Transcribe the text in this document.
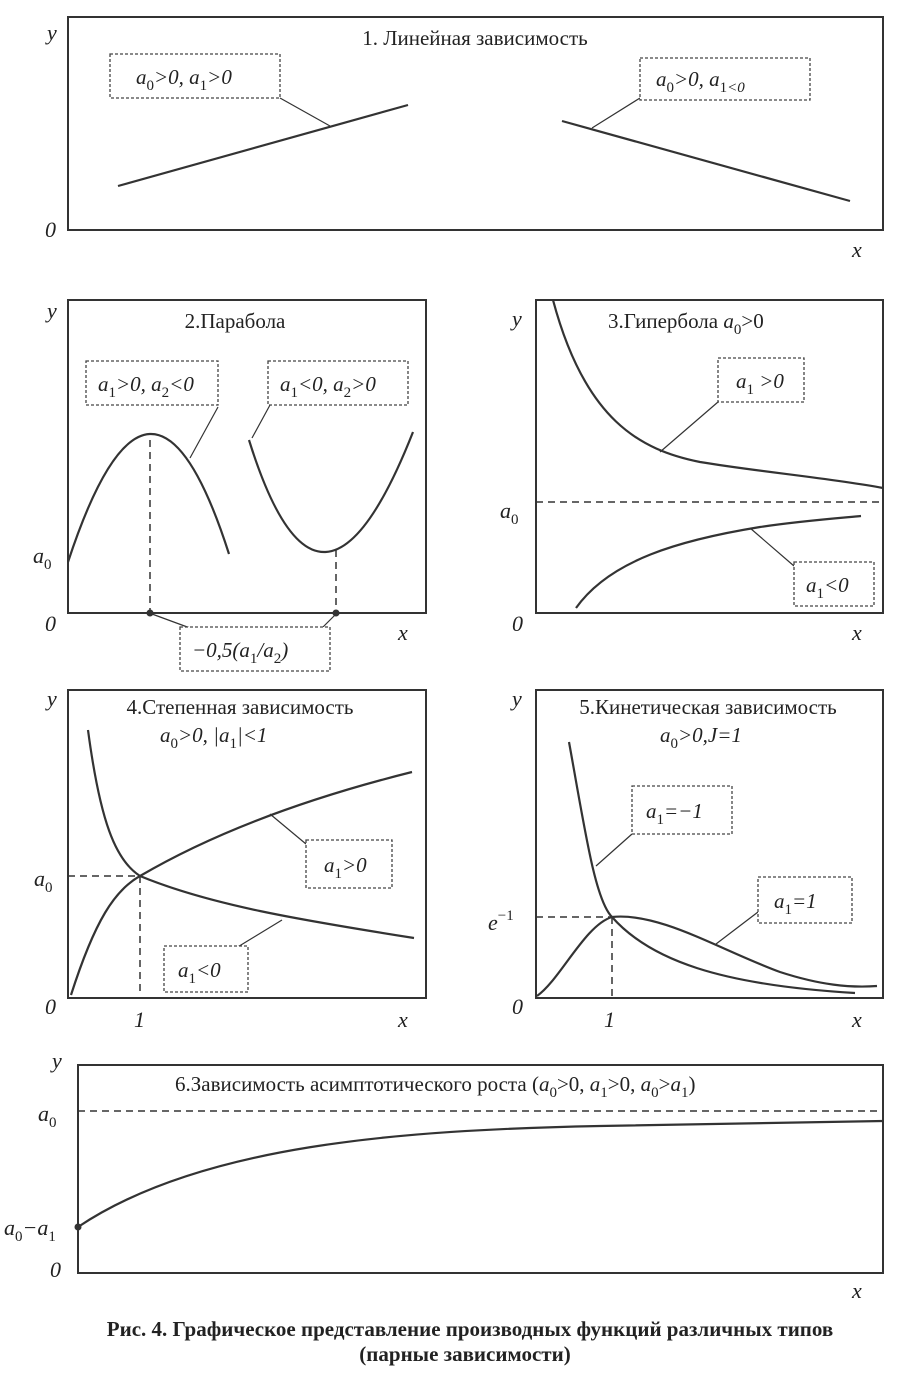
1. Линейная зависимость
y
0
x
$a_0>0$, $a_1>0$	$a_0>0$, $a_{1<0}$
2.Парабола
y
0	x
$a_0$
$a_1>0$, $a_2<0$	$a_1<0$, $a_2>0$
$-0,5(a_1/a_2)$
3.Гипербола $a_0>0$
y
0	x
$a_0$
$a_1 >0$
$a_1<0$
4.Степенная зависимость
$a_0>0$, $|a_1|<1$
y
0
x
1
$a_0$
$a_1>0$
$a_1<0$
5.Кинетическая зависимость
$a_0>0,J=1$
y
0
x
1
$e^{-1}$
$a_1=-1$
$a_1=1$
6.Зависимость асимптотического роста ($a_0>0$, $a_1>0$, $a_0>a_1$)
y
0
x
$a_0$
$a_0-a_1$
Рис. 4. Графическое представление производных функций различных типов
(парные зависимости)
